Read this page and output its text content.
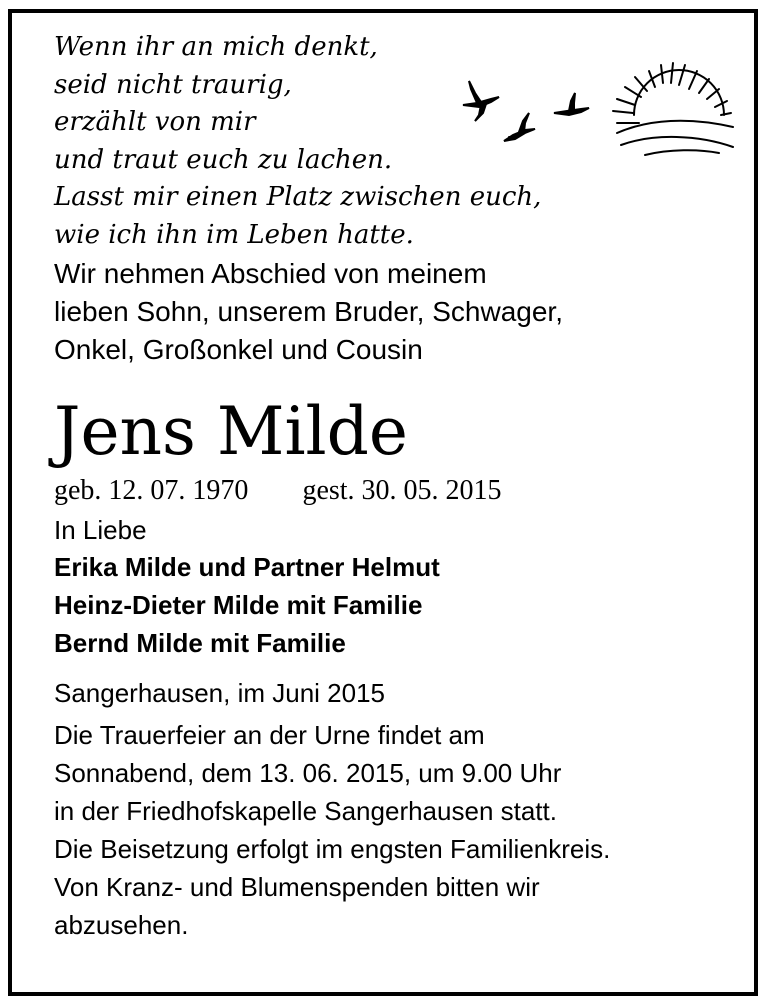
Wenn ihr an mich denkt,
seid nicht traurig,
erzählt von mir
und traut euch zu lachen.
Lasst mir einen Platz zwischen euch,
wie ich ihn im Leben hatte.
Wir nehmen Abschied von meinem
lieben Sohn, unserem Bruder, Schwager,
Onkel, Großonkel und Cousin
Jens Milde
geb. 12. 07. 1970 gest. 30. 05. 2015
In Liebe
Erika Milde und Partner Helmut
Heinz-Dieter Milde mit Familie
Bernd Milde mit Familie
Sangerhausen, im Juni 2015
Die Trauerfeier an der Urne findet am
Sonnabend, dem 13. 06. 2015, um 9.00 Uhr
in der Friedhofskapelle Sangerhausen statt.
Die Beisetzung erfolgt im engsten Familienkreis.
Von Kranz- und Blumenspenden bitten wir
abzusehen.
